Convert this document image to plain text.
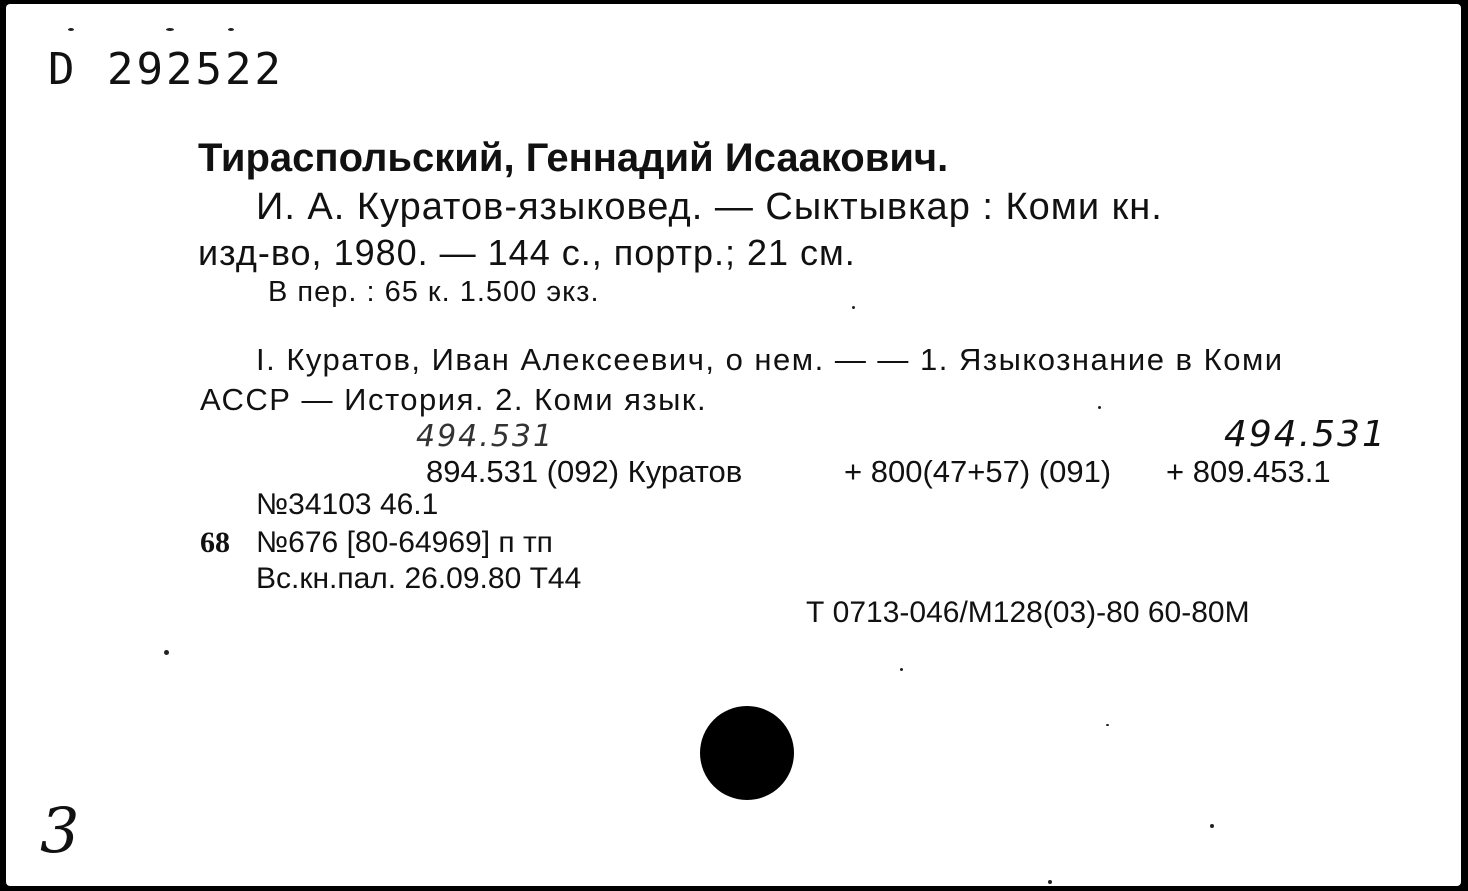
D 292522
Тираспольский, Геннадий Исаакович.
И. А. Куратов-языковед. — Сыктывкар : Коми кн.
изд-во, 1980. — 144 с., портр.; 21 см.
В пер. : 65 к. 1.500 экз.
I. Куратов, Иван Алексеевич, о нем. — — 1. Языкознание в Коми
АССР — История. 2. Коми язык.
494.531	494.531
894.531 (092) Куратов	+ 800(47+57) (091) + 809.453.1
№34103 46.1
68 №676 [80-64969] п тп
Вс.кн.пал. 26.09.80 Т44
Т 0713-046/М128(03)-80 60-80М
3
